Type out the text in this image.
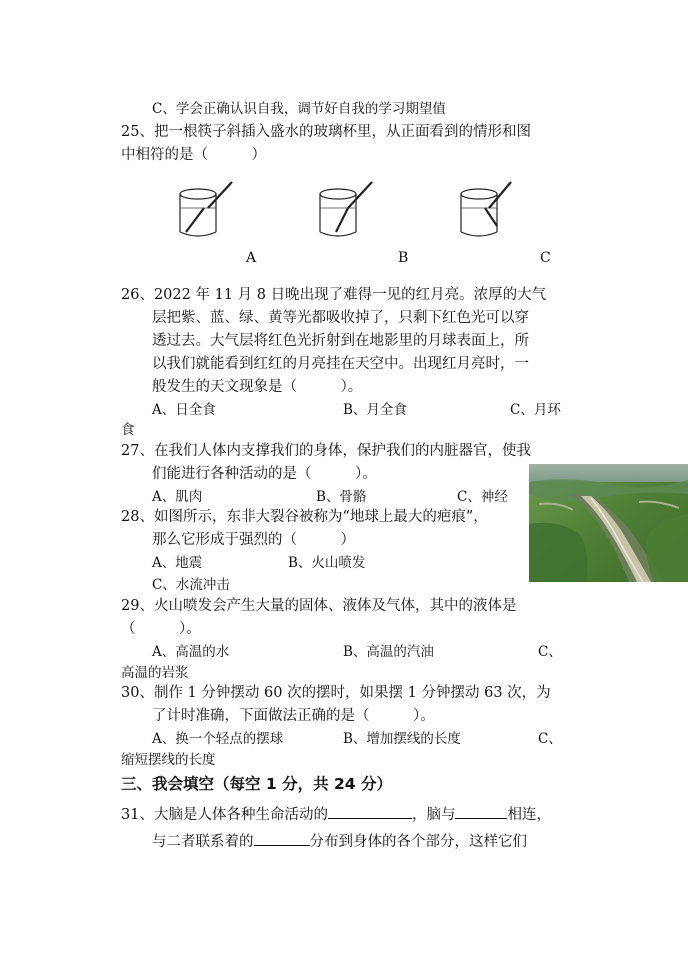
C、学会正确认识自我，调节好自我的学习期望值
25、把一根筷子斜插入盛水的玻璃杯里，从正面看到的情形和图
中相符的是（　　　）
A	B	C
26、2022 年 11 月 8 日晚出现了难得一见的红月亮。浓厚的大气
层把紫、蓝、绿、黄等光都吸收掉了，只剩下红色光可以穿
透过去。大气层将红色光折射到在地影里的月球表面上，所
以我们就能看到红红的月亮挂在天空中。出现红月亮时，一
般发生的天文现象是（　　　）。
A、日全食	B、月全食	C、月环
食
27、在我们人体内支撑我们的身体，保护我们的内脏器官，使我
们能进行各种活动的是（　　　）。
A、肌肉	B、骨骼	C、神经
28、如图所示，东非大裂谷被称为“地球上最大的疤痕”，
那么它形成于强烈的（　　　）
A、地震	B、火山喷发
C、水流冲击
29、火山喷发会产生大量的固体、液体及气体，其中的液体是
（　　　）。
A、高温的水	B、高温的汽油	C、
高温的岩浆
30、制作 1 分钟摆动 60 次的摆时，如果摆 1 分钟摆动 63 次，为
了计时准确，下面做法正确的是（　　　）。
A、换一个轻点的摆球	B、增加摆线的长度	C、
缩短摆线的长度
三、我会填空（每空 1 分，共 24 分）
31、大脑是人体各种生命活动的	，脑与	相连，
与二者联系着的	分布到身体的各个部分，这样它们
